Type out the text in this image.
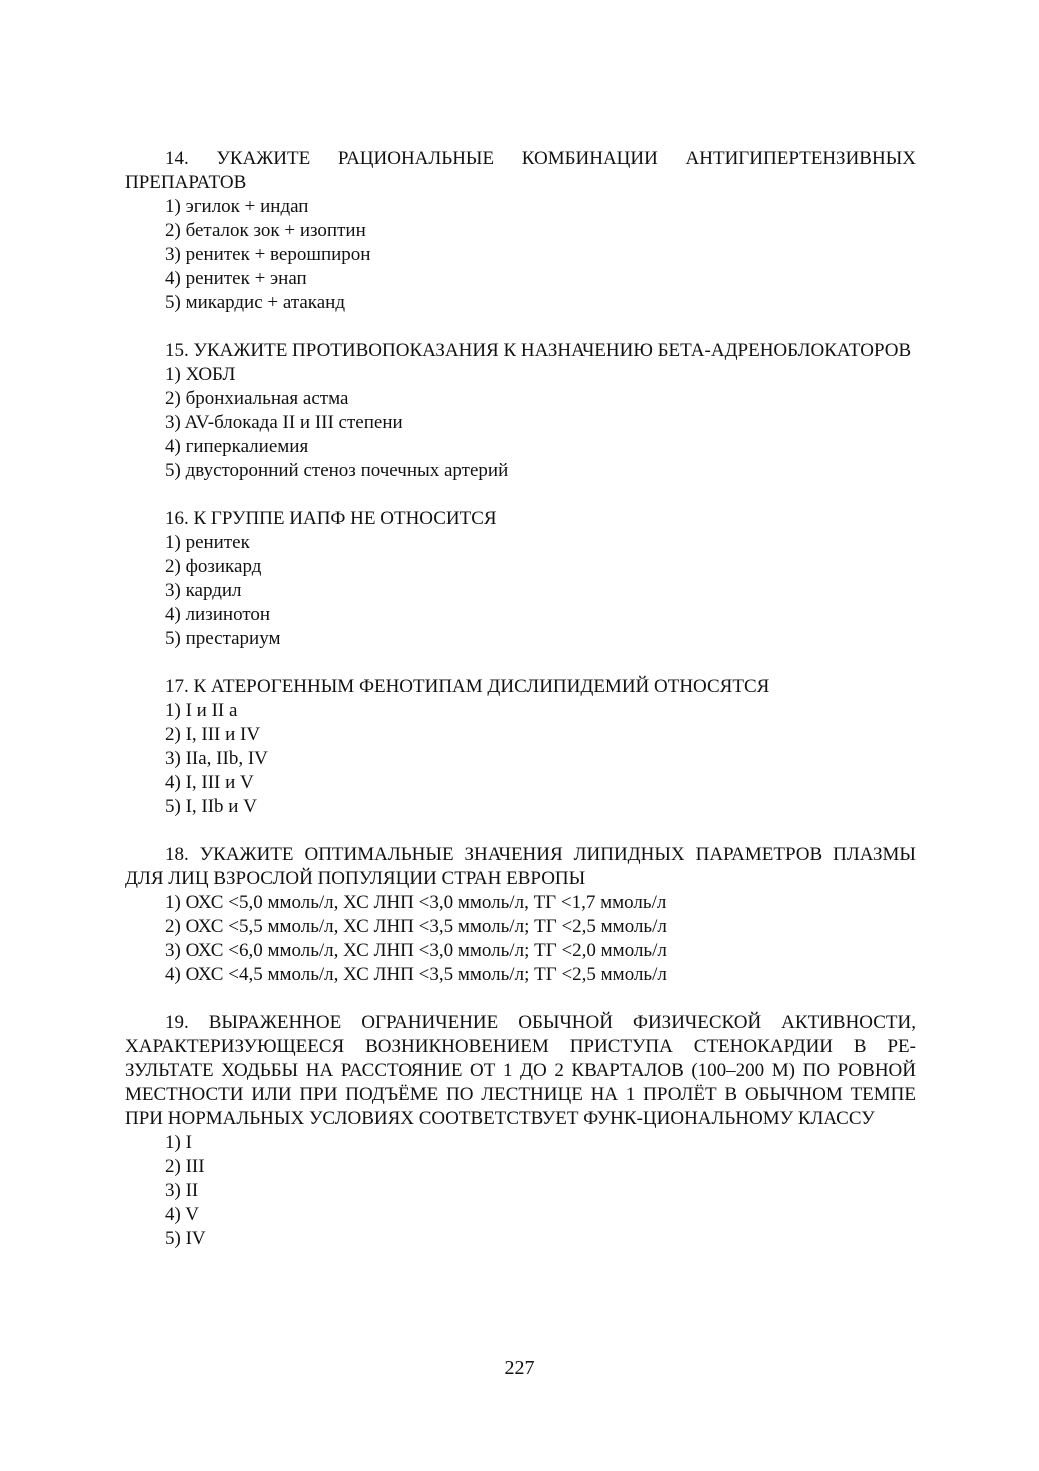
14. УКАЖИТЕ РАЦИОНАЛЬНЫЕ КОМБИНАЦИИ АНТИГИПЕРТЕНЗИВНЫХ ПРЕПАРАТОВ

1) эгилок + индап
2) беталок зок + изоптин
3) ренитек + верошпирон
4) ренитек + энап
5) микардис + атаканд

15. УКАЖИТЕ ПРОТИВОПОКАЗАНИЯ К НАЗНАЧЕНИЮ БЕТА-АДРЕНОБЛОКАТОРОВ

1) ХОБЛ
2) бронхиальная астма
3) AV-блокада II и III степени
4) гиперкалиемия
5) двусторонний стеноз почечных артерий

16. К ГРУППЕ ИАПФ НЕ ОТНОСИТСЯ

1) ренитек
2) фозикард
3) кардил
4) лизинотон
5) престариум

17. К АТЕРОГЕННЫМ ФЕНОТИПАМ ДИСЛИПИДЕМИЙ ОТНОСЯТСЯ

1) I и II а
2) I, III и IV
3) IIa, IIb, IV
4) I, III и V
5) I, IIb и V

18. УКАЖИТЕ ОПТИМАЛЬНЫЕ ЗНАЧЕНИЯ ЛИПИДНЫХ ПАРАМЕТРОВ ПЛАЗМЫ ДЛЯ ЛИЦ ВЗРОСЛОЙ ПОПУЛЯЦИИ СТРАН ЕВРОПЫ

1) ОХС <5,0 ммоль/л, ХС ЛНП <3,0 ммоль/л, ТГ <1,7 ммоль/л
2) ОХС <5,5 ммоль/л, ХС ЛНП <3,5 ммоль/л; ТГ <2,5 ммоль/л
3) ОХС <6,0 ммоль/л, ХС ЛНП <3,0 ммоль/л; ТГ <2,0 ммоль/л
4) ОХС <4,5 ммоль/л, ХС ЛНП <3,5 ммоль/л; ТГ <2,5 ммоль/л

19. ВЫРАЖЕННОЕ ОГРАНИЧЕНИЕ ОБЫЧНОЙ ФИЗИЧЕСКОЙ АКТИВНОСТИ, ХАРАКТЕРИЗУЮЩЕЕСЯ ВОЗНИКНОВЕНИЕМ ПРИСТУПА СТЕНОКАРДИИ В РЕ-ЗУЛЬТАТЕ ХОДЬБЫ НА РАССТОЯНИЕ ОТ 1 ДО 2 КВАРТАЛОВ (100–200 М) ПО РОВНОЙ МЕСТНОСТИ ИЛИ ПРИ ПОДЪЁМЕ ПО ЛЕСТНИЦЕ НА 1 ПРОЛЁТ В ОБЫЧНОМ ТЕМПЕ ПРИ НОРМАЛЬНЫХ УСЛОВИЯХ СООТВЕТСТВУЕТ ФУНК-ЦИОНАЛЬНОМУ КЛАССУ

1) I
2) III
3) II
4) V
5) IV
227
